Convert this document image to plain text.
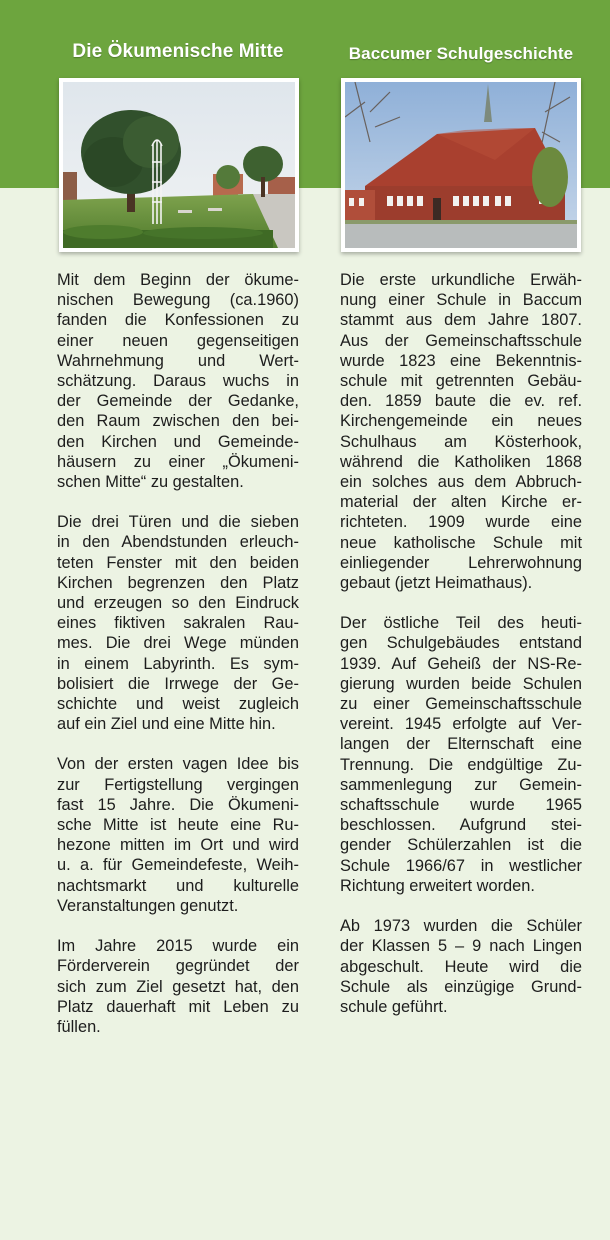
Die Ökumenische Mitte	Baccumer Schulgeschichte

Mit dem Beginn der ökume-
nischen Bewegung (ca.1960)
fanden die Konfessionen zu
einer neuen gegenseitigen
Wahrnehmung und Wert-
schätzung. Daraus wuchs in
der Gemeinde der Gedanke,
den Raum zwischen den bei-
den Kirchen und Gemeinde-
häusern zu einer „Ökumeni-
schen Mitte“ zu gestalten.

Die drei Türen und die sieben
in den Abendstunden erleuch-
teten Fenster mit den beiden
Kirchen begrenzen den Platz
und erzeugen so den Eindruck
eines fiktiven sakralen Rau-
mes. Die drei Wege münden
in einem Labyrinth. Es sym-
bolisiert die Irrwege der Ge-
schichte und weist zugleich
auf ein Ziel und eine Mitte hin.

Von der ersten vagen Idee bis
zur Fertigstellung vergingen
fast 15 Jahre. Die Ökumeni-
sche Mitte ist heute eine Ru-
hezone mitten im Ort und wird
u. a. für Gemeindefeste, Weih-
nachtsmarkt und kulturelle
Veranstaltungen genutzt.

Im Jahre 2015 wurde ein
Förderverein gegründet der
sich zum Ziel gesetzt hat, den
Platz dauerhaft mit Leben zu
füllen.

Die erste urkundliche Erwäh-
nung einer Schule in Baccum
stammt aus dem Jahre 1807.
Aus der Gemeinschaftsschule
wurde 1823 eine Bekenntnis-
schule mit getrennten Gebäu-
den. 1859 baute die ev. ref.
Kirchengemeinde ein neues
Schulhaus am Kösterhook,
während die Katholiken 1868
ein solches aus dem Abbruch-
material der alten Kirche er-
richteten. 1909 wurde eine
neue katholische Schule mit
einliegender Lehrerwohnung
gebaut (jetzt Heimathaus).

Der östliche Teil des heuti-
gen Schulgebäudes entstand
1939. Auf Geheiß der NS-Re-
gierung wurden beide Schulen
zu einer Gemeinschaftsschule
vereint. 1945 erfolgte auf Ver-
langen der Elternschaft eine
Trennung. Die endgültige Zu-
sammenlegung zur Gemein-
schaftsschule wurde 1965
beschlossen. Aufgrund stei-
gender Schülerzahlen ist die
Schule 1966/67 in westlicher
Richtung erweitert worden.

Ab 1973 wurden die Schüler
der Klassen 5 – 9 nach Lingen
abgeschult. Heute wird die
Schule als einzügige Grund-
schule geführt.
